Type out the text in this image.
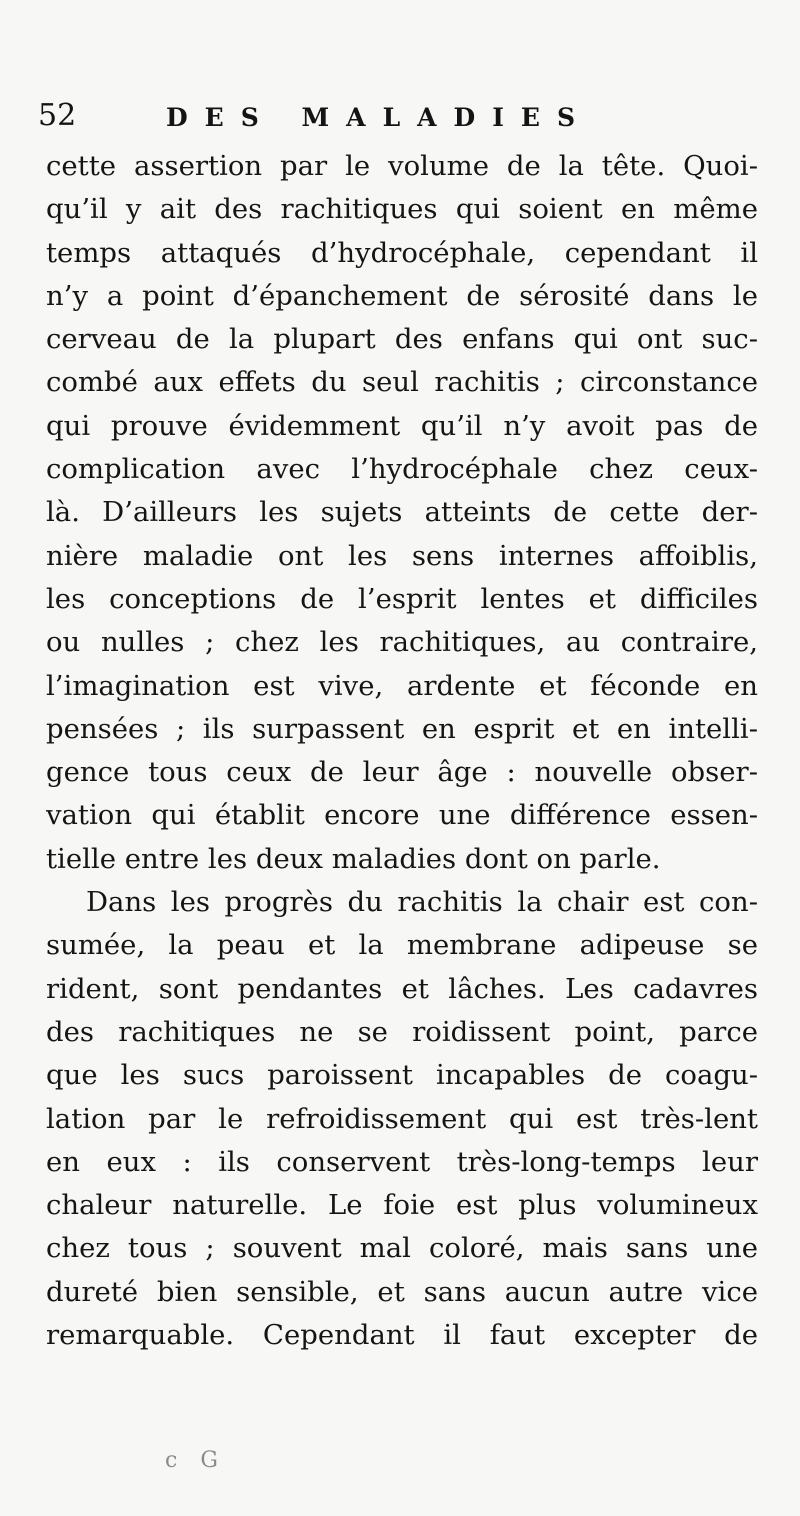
52	DES MALADIES
cette assertion par le volume de la tête. Quoi-
qu’il y ait des rachitiques qui soient en même
temps attaqués d’hydrocéphale, cependant il
n’y a point d’épanchement de sérosité dans le
cerveau de la plupart des enfans qui ont suc-
combé aux effets du seul rachitis ; circonstance
qui prouve évidemment qu’il n’y avoit pas de
complication avec l’hydrocéphale chez ceux-
là. D’ailleurs les sujets atteints de cette der-
nière maladie ont les sens internes affoiblis,
les conceptions de l’esprit lentes et difficiles
ou nulles ; chez les rachitiques, au contraire,
l’imagination est vive, ardente et féconde en
pensées ; ils surpassent en esprit et en intelli-
gence tous ceux de leur âge : nouvelle obser-
vation qui établit encore une différence essen-
tielle entre les deux maladies dont on parle.
Dans les progrès du rachitis la chair est con-
sumée, la peau et la membrane adipeuse se
rident, sont pendantes et lâches. Les cadavres
des rachitiques ne se roidissent point, parce
que les sucs paroissent incapables de coagu-
lation par le refroidissement qui est très-lent
en eux : ils conservent très-long-temps leur
chaleur naturelle. Le foie est plus volumineux
chez tous ; souvent mal coloré, mais sans une
dureté bien sensible, et sans aucun autre vice
remarquable. Cependant il faut excepter de
c G
